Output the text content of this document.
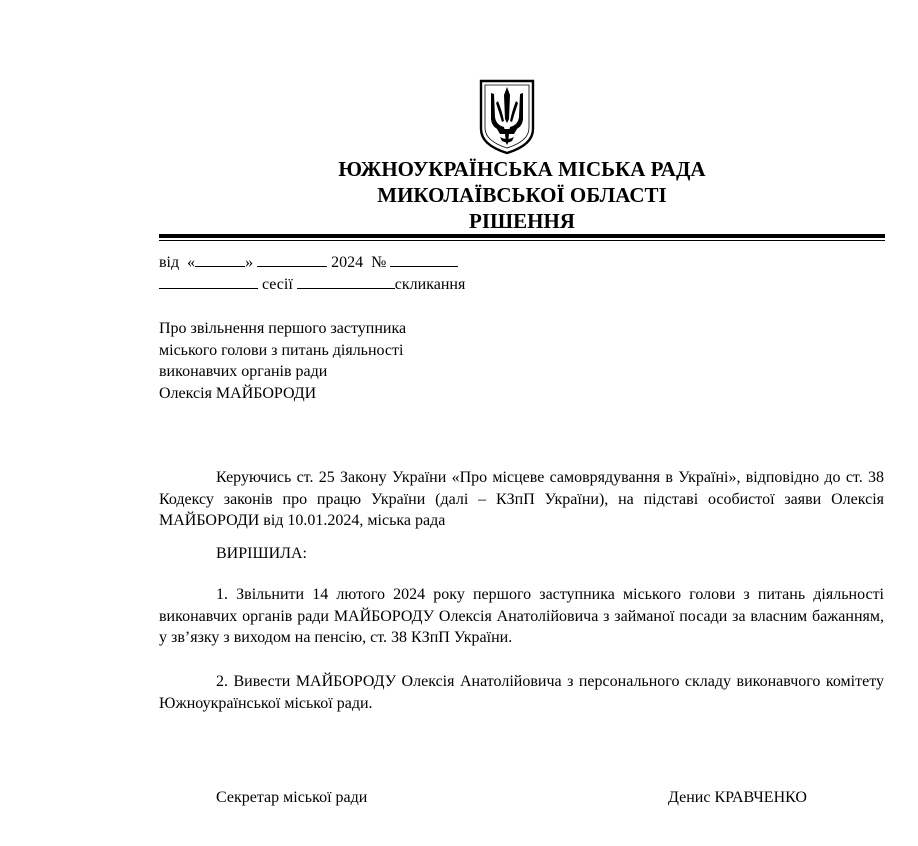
ЮЖНОУКРАЇНСЬКА МІСЬКА РАДА
МИКОЛАЇВСЬКОЇ ОБЛАСТІ
РІШЕННЯ
від «	»	2024 №
сесії	скликання
Про звільнення першого заступника
міського голови з питань діяльності
виконавчих органів ради
Олексія МАЙБОРОДИ
Керуючись ст. 25 Закону України «Про місцеве самоврядування в Україні», відповідно до ст. 38 Кодексу законів про працю України (далі – КЗпП України), на підставі особистої заяви Олексія МАЙБОРОДИ від 10.01.2024, міська рада
ВИРІШИЛА:
1. Звільнити 14 лютого 2024 року першого заступника міського голови з питань діяльності виконавчих органів ради МАЙБОРОДУ Олексія Анатолійовича з займаної посади за власним бажанням, у зв’язку з виходом на пенсію, ст. 38 КЗпП України.
2. Вивести МАЙБОРОДУ Олексія Анатолійовича з персонального складу виконавчого комітету Южноукраїнської міської ради.
Секретар міської ради	Денис КРАВЧЕНКО
